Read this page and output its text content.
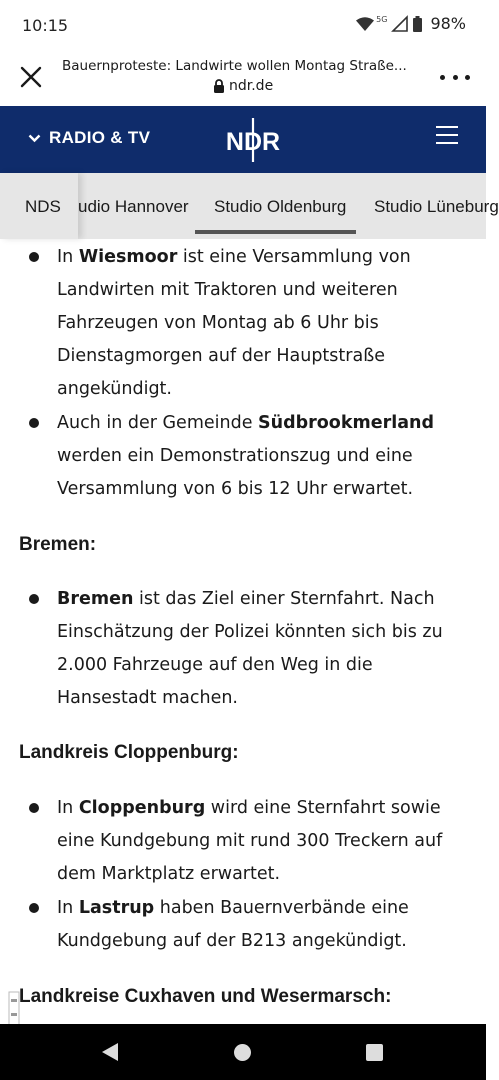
10:15	5G	98%
Bauernproteste: Landwirte wollen Montag Straße...
ndr.de
RADIO & TV	NDR
NDS	udio Hannover Studio Oldenburg Studio Lüneburg
In Wiesmoor ist eine Versammlung von Landwirten mit Traktoren und weiteren Fahrzeugen von Montag ab 6 Uhr bis Dienstagmorgen auf der Hauptstraße angekündigt.
Auch in der Gemeinde Südbrookmerland werden ein Demonstrationszug und eine Versammlung von 6 bis 12 Uhr erwartet.
Bremen:
Bremen ist das Ziel einer Sternfahrt. Nach Einschätzung der Polizei könnten sich bis zu 2.000 Fahrzeuge auf den Weg in die Hansestadt machen.
Landkreis Cloppenburg:
In Cloppenburg wird eine Sternfahrt sowie eine Kundgebung mit rund 300 Treckern auf dem Marktplatz erwartet.
In Lastrup haben Bauernverbände eine Kundgebung auf der B213 angekündigt.
Landkreise Cuxhaven und Wesermarsch:
